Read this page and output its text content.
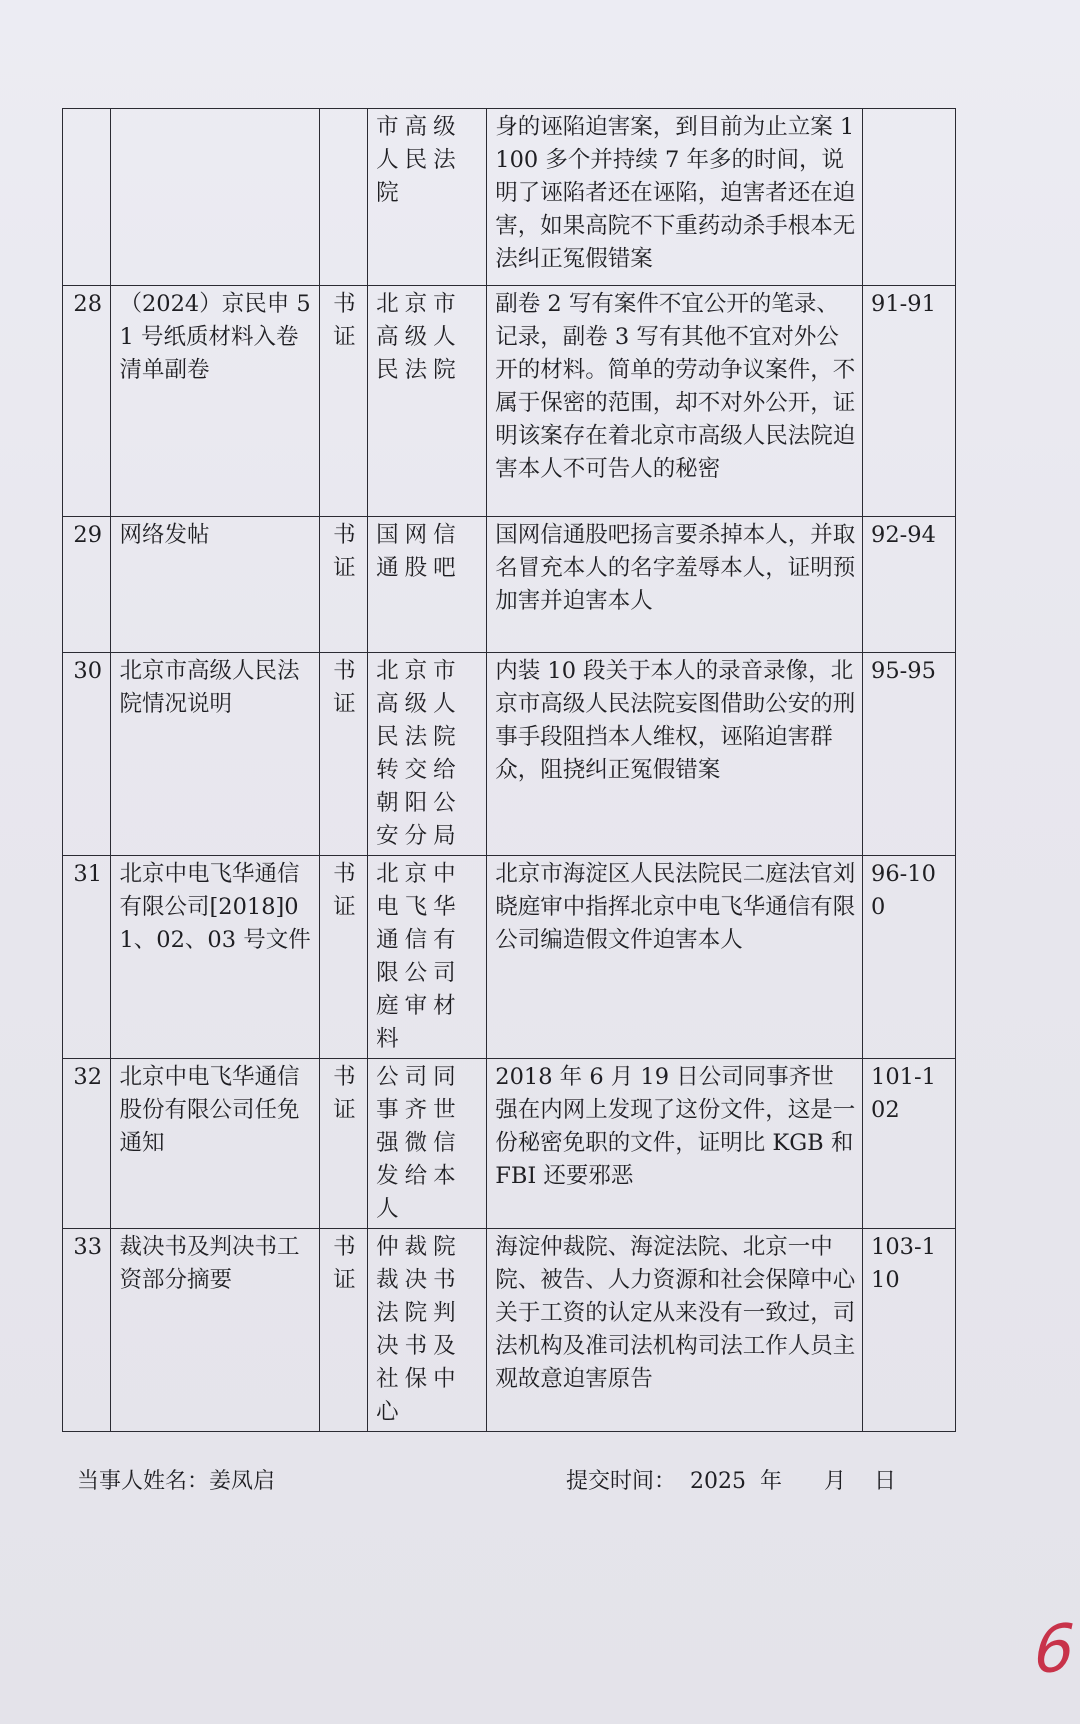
			市高级人民法院	身的诬陷迫害案，到目前为止立案 1100 多个并持续 7 年多的时间，说明了诬陷者还在诬陷，迫害者还在迫害，如果高院不下重药动杀手根本无法纠正冤假错案	
28	（2024）京民申 51 号纸质材料入卷清单副卷	书证	北京市高级人民法院	副卷 2 写有案件不宜公开的笔录、记录，副卷 3 写有其他不宜对外公开的材料。简单的劳动争议案件，不属于保密的范围，却不对外公开，证明该案存在着北京市高级人民法院迫害本人不可告人的秘密	91-91
29	网络发帖	书证	国网信通股吧	国网信通股吧扬言要杀掉本人，并取名冒充本人的名字羞辱本人，证明预加害并迫害本人	92-94
30	北京市高级人民法院情况说明	书证	北京市高级人民法院转交给朝阳公安分局	内装 10 段关于本人的录音录像，北京市高级人民法院妄图借助公安的刑事手段阻挡本人维权，诬陷迫害群众，阻挠纠正冤假错案	95-95
31	北京中电飞华通信有限公司[2018]01、02、03 号文件	书证	北京中电飞华通信有限公司庭审材料	北京市海淀区人民法院民二庭法官刘晓庭审中指挥北京中电飞华通信有限公司编造假文件迫害本人	96-100
32	北京中电飞华通信股份有限公司任免通知	书证	公司同事齐世强微信发给本人	2018 年 6 月 19 日公司同事齐世强在内网上发现了这份文件，这是一份秘密免职的文件，证明比 KGB 和 FBI 还要邪恶	101-102
33	裁决书及判决书工资部分摘要	书证	仲裁院裁决书法院判决书及社保中心	海淀仲裁院、海淀法院、北京一中院、被告、人力资源和社会保障中心关于工资的认定从来没有一致过，司法机构及准司法机构司法工作人员主观故意迫害原告	103-110
当事人姓名：姜凤启	提交时间： 2025 年 月 日
6
